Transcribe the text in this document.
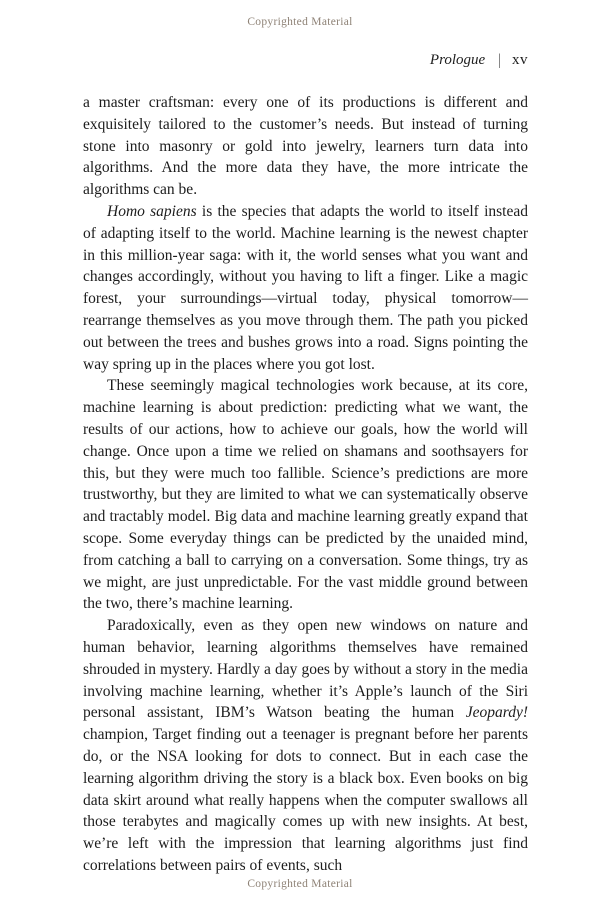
Copyrighted Material
Prologue | xv

a master craftsman: every one of its productions is different and exquisitely tailored to the customer’s needs. But instead of turning stone into masonry or gold into jewelry, learners turn data into algorithms. And the more data they have, the more intricate the algorithms can be.

Homo sapiens is the species that adapts the world to itself instead of adapting itself to the world. Machine learning is the newest chapter in this million-year saga: with it, the world senses what you want and changes accordingly, without you having to lift a finger. Like a magic forest, your surroundings—virtual today, physical tomorrow—rearrange themselves as you move through them. The path you picked out between the trees and bushes grows into a road. Signs pointing the way spring up in the places where you got lost.

These seemingly magical technologies work because, at its core, machine learning is about prediction: predicting what we want, the results of our actions, how to achieve our goals, how the world will change. Once upon a time we relied on shamans and soothsayers for this, but they were much too fallible. Science’s predictions are more trustworthy, but they are limited to what we can systematically observe and tractably model. Big data and machine learning greatly expand that scope. Some everyday things can be predicted by the unaided mind, from catching a ball to carrying on a conversation. Some things, try as we might, are just unpredictable. For the vast middle ground between the two, there’s machine learning.

Paradoxically, even as they open new windows on nature and human behavior, learning algorithms themselves have remained shrouded in mystery. Hardly a day goes by without a story in the media involving machine learning, whether it’s Apple’s launch of the Siri personal assistant, IBM’s Watson beating the human Jeopardy! champion, Target finding out a teenager is pregnant before her parents do, or the NSA looking for dots to connect. But in each case the learning algorithm driving the story is a black box. Even books on big data skirt around what really happens when the computer swallows all those terabytes and magically comes up with new insights. At best, we’re left with the impression that learning algorithms just find correlations between pairs of events, such

Copyrighted Material
